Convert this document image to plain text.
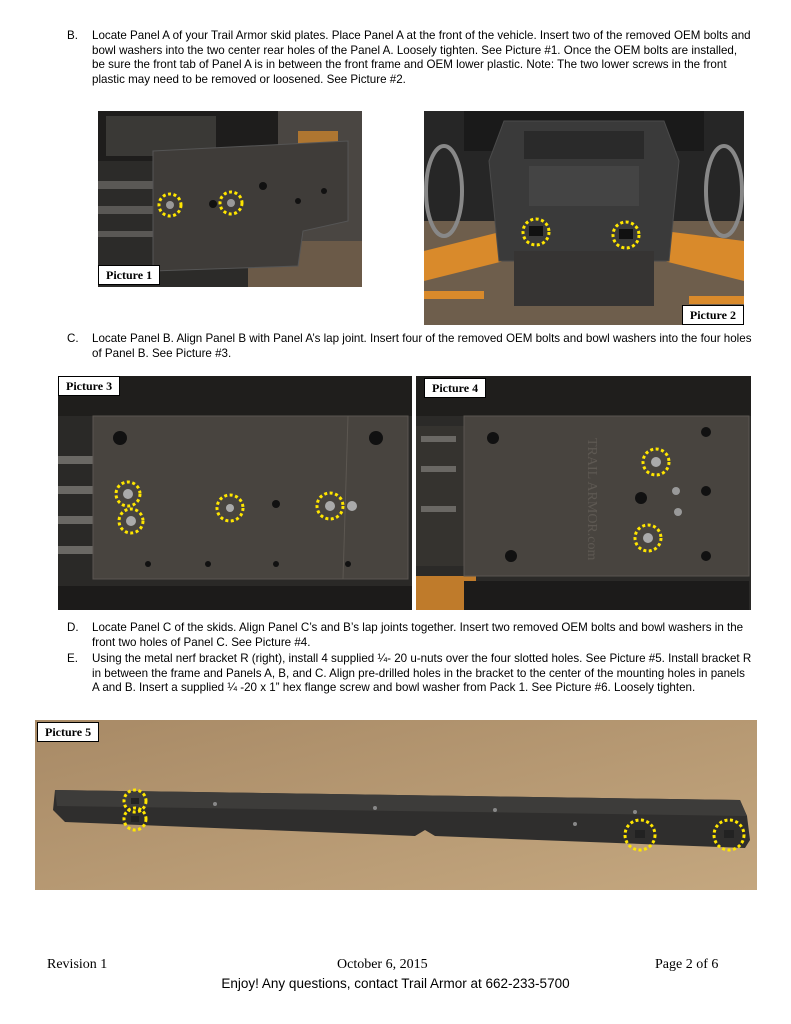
B. Locate Panel A of your Trail Armor skid plates. Place Panel A at the front of the vehicle. Insert two of the removed OEM bolts and bowl washers into the two center rear holes of the Panel A. Loosely tighten. See Picture #1. Once the OEM bolts are installed, be sure the front tab of Panel A is in between the front frame and OEM lower plastic. Note: The two lower screws in the front plastic may need to be removed or loosened. See Picture #2.
Picture 1
Picture 2
C. Locate Panel B. Align Panel B with Panel A’s lap joint. Insert four of the removed OEM bolts and bowl washers into the four holes of Panel B. See Picture #3.
Picture 3
TRAIL ARMOR.com
Picture 4
D. Locate Panel C of the skids. Align Panel C’s and B’s lap joints together. Insert two removed OEM bolts and bowl washers in the front two holes of Panel C. See Picture #4.
E. Using the metal nerf bracket R (right), install 4 supplied ¼- 20 u-nuts over the four slotted holes. See Picture #5. Install bracket R in between the frame and Panels A, B, and C. Align pre-drilled holes in the bracket to the center of the mounting holes in panels A and B. Insert a supplied ¼ -20 x 1” hex flange screw and bowl washer from Pack 1. See Picture #6. Loosely tighten.
Picture 5
Revision 1	October 6, 2015	Page 2 of 6
Enjoy! Any questions, contact Trail Armor at 662-233-5700
